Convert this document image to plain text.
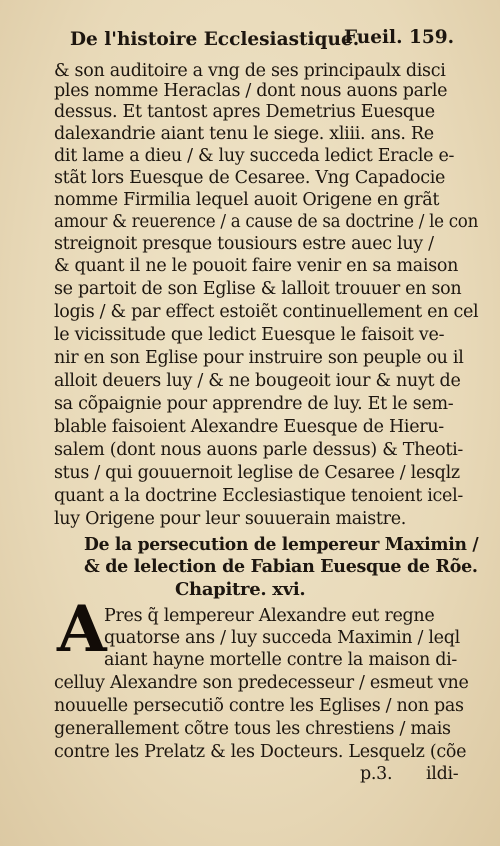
De l'histoire Ecclesiastique.
Fueil. 159.
& son auditoire a vng de ses principaulx disci
ples nomme Heraclas / dont nous auons parle
dessus. Et tantost apres Demetrius Euesque
dalexandrie aiant tenu le siege. xliii. ans. Re
dit lame a dieu / & luy succeda ledict Eracle e-
stãt lors Euesque de Cesaree. Vng Capadocie
nomme Firmilia lequel auoit Origene en grãt
amour & reuerence / a cause de sa doctrine / le con
streignoit presque tousiours estre auec luy /
& quant il ne le pouoit faire venir en sa maison
se partoit de son Eglise & lalloit trouuer en son
logis / & par effect estoiẽt continuellement en cel
le vicissitude que ledict Euesque le faisoit ve-
nir en son Eglise pour instruire son peuple ou il
alloit deuers luy / & ne bougeoit iour & nuyt de
sa cõpaignie pour apprendre de luy. Et le sem-
blable faisoient Alexandre Euesque de Hieru-
salem (dont nous auons parle dessus) & Theoti-
stus / qui gouuernoit leglise de Cesaree / lesqlz
quant a la doctrine Ecclesiastique tenoient icel-
luy Origene pour leur souuerain maistre.
De la persecution de lempereur Maximin /
& de lelection de Fabian Euesque de Rõe.
Chapitre. xvi.
A
Pres q̃ lempereur Alexandre eut regne
quatorse ans / luy succeda Maximin / leql
aiant hayne mortelle contre la maison di-
celluy Alexandre son predecesseur / esmeut vne
nouuelle persecutiõ contre les Eglises / non pas
generallement cõtre tous les chrestiens / mais
contre les Prelatz & les Docteurs. Lesquelz (cõe
p.3. ildi-
